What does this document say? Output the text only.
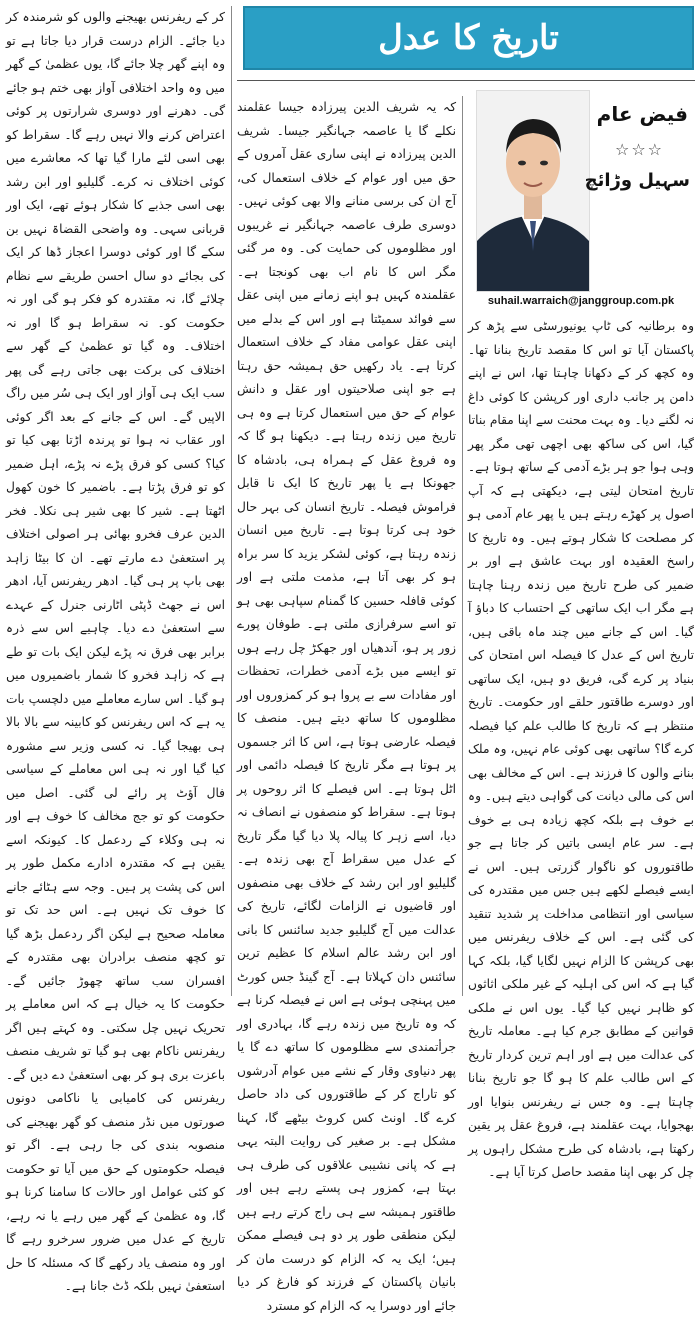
تاریخ کا عدل
فیض عام
☆☆☆
سہیل وڑائچ
suhail.warraich@janggroup.com.pk

وہ برطانیہ کی ٹاپ یونیورسٹی سے پڑھ کر پاکستان آیا تو اس کا مقصد تاریخ بنانا تھا۔ وہ کچھ کر کے دکھانا چاہتا تھا، اس نے اپنے دامن پر جانب داری اور کرپشن کا کوئی داغ نہ لگنے دیا۔ وہ بہت محنت سے اپنا مقام بناتا گیا، اس کی ساکھ بھی اچھی تھی مگر پھر وہی ہوا جو ہر بڑے آدمی کے ساتھ ہوتا ہے۔ تاریخ امتحان لیتی ہے، دیکھتی ہے کہ آپ اصول پر کھڑے رہتے ہیں یا پھر عام آدمی ہو کر مصلحت کا شکار ہوتے ہیں۔ وہ تاریخ کا راسخ العقیدہ اور بہت عاشق ہے اور بر ضمیر کی طرح تاریخ میں زندہ رہنا چاہتا ہے مگر اب ایک ساتھی کے احتساب کا دباؤ آ گیا۔ اس کے جانے میں چند ماہ باقی ہیں، تاریخ اس کے عدل کا فیصلہ اس امتحان کی بنیاد پر کرے گی، فریق دو ہیں، ایک ساتھی اور دوسرے طاقتور حلقے اور حکومت۔ تاریخ منتظر ہے کہ تاریخ کا طالب علم کیا فیصلہ کرے گا؟ ساتھی بھی کوئی عام نہیں، وہ ملک بنانے والوں کا فرزند ہے۔ اس کے مخالف بھی اس کی مالی دیانت کی گواہی دیتے ہیں۔ وہ بے خوف ہے بلکہ کچھ زیادہ ہی بے خوف ہے۔ سر عام ایسی باتیں کر جاتا ہے جو طاقتوروں کو ناگوار گزرتی ہیں۔ اس نے ایسے فیصلے لکھے ہیں جس میں مقتدرہ کی سیاسی اور انتظامی مداخلت پر شدید تنقید کی گئی ہے۔ اس کے خلاف ریفرنس میں بھی کرپشن کا الزام نہیں لگایا گیا، بلکہ کہا گیا ہے کہ اس کی اہلیہ کے غیر ملکی اثاثوں کو ظاہر نہیں کیا گیا۔ یوں اس نے ملکی قوانین کے مطابق جرم کیا ہے۔ معاملہ تاریخ کی عدالت میں ہے اور اہم ترین کردار تاریخ کے اس طالب علم کا ہو گا جو تاریخ بنانا چاہتا ہے۔ وہ جس نے ریفرنس بنوایا اور بھجوایا، بہت عقلمند ہے، فروغ عقل پر یقین رکھتا ہے، بادشاہ کی طرح مشکل راہوں پر چل کر بھی اپنا مقصد حاصل کرتا آیا ہے۔

کہ یہ شریف الدین پیرزادہ جیسا عقلمند نکلے گا یا عاصمہ جہانگیر جیسا۔ شریف الدین پیرزادہ نے اپنی ساری عقل آمروں کے حق میں اور عوام کے خلاف استعمال کی، آج ان کی برسی منانے والا بھی کوئی نہیں۔ دوسری طرف عاصمہ جہانگیر نے غریبوں اور مظلوموں کی حمایت کی۔ وہ مر گئی مگر اس کا نام اب بھی کونجتا ہے۔ عقلمندہ کہیں ہو اپنے زمانے میں اپنی عقل سے فوائد سمیٹتا ہے اور اس کے بدلے میں اپنی عقل عوامی مفاد کے خلاف استعمال کرتا ہے۔ یاد رکھیں حق ہمیشہ حق رہتا ہے جو اپنی صلاحیتوں اور عقل و دانش عوام کے حق میں استعمال کرتا ہے وہ ہی تاریخ میں زندہ رہتا ہے۔ دیکھنا ہو گا کہ وہ فروغ عقل کے ہمراہ ہی، بادشاہ کا جھونکا ہے یا پھر تاریخ کا ایک نا قابل فراموش فیصلہ۔ تاریخ انسان کی بہر حال خود ہی کرتا ہوتا ہے۔ تاریخ میں انسان زندہ رہتا ہے، کوئی لشکر یزید کا سر براہ ہو کر بھی آتا ہے، مذمت ملتی ہے اور کوئی قافلہ حسین کا گمنام سپاہی بھی ہو تو اسے سرفرازی ملتی ہے۔ طوفان پورے زور پر ہو، آندھیاں اور جھکڑ چل رہے ہوں تو ایسے میں بڑے آدمی خطرات، تحفظات اور مفادات سے بے پروا ہو کر کمزوروں اور مظلوموں کا ساتھ دیتے ہیں۔ منصف کا فیصلہ عارضی ہوتا ہے، اس کا اثر جسموں پر ہوتا ہے مگر تاریخ کا فیصلہ دائمی اور اٹل ہوتا ہے۔ اس فیصلے کا اثر روحوں پر ہوتا ہے۔ سقراط کو منصفوں نے انصاف نہ دیا، اسے زہر کا پیالہ پلا دیا گیا مگر تاریخ کے عدل میں سقراط آج بھی زندہ ہے۔ گلیلیو اور ابن رشد کے خلاف بھی منصفوں اور قاضیوں نے الزامات لگائے، تاریخ کی عدالت میں آج گلیلیو جدید سائنس کا بانی اور ابن رشد عالم اسلام کا عظیم ترین سائنس دان کہلاتا ہے۔ آج گینڈ جس کورٹ میں پہنچی ہوئی ہے اس نے فیصلہ کرنا ہے کہ وہ تاریخ میں زندہ رہے گا، بہادری اور جرأتمندی سے مظلوموں کا ساتھ دے گا یا پھر دنیاوی وقار کے نشے میں عوام آدرشوں کو تاراج کر کے طاقتوروں کی داد حاصل کرے گا۔ اونٹ کس کروٹ بیٹھے گا، کہنا مشکل ہے۔ بر صغیر کی روایت البتہ یہی ہے کہ پانی نشیبی علاقوں کی طرف ہی بہتا ہے، کمزور ہی پستے رہے ہیں اور طاقتور ہمیشہ سے ہی راج کرتے رہے ہیں لیکن منطقی طور پر دو ہی فیصلے ممکن ہیں؛ ایک یہ کہ الزام کو درست مان کر بانیان پاکستان کے فرزند کو فارغ کر دیا جائے اور دوسرا یہ کہ الزام کو مسترد

کر کے ریفرنس بھیجنے والوں کو شرمندہ کر دیا جائے۔ الزام درست قرار دیا جاتا ہے تو وہ اپنے گھر چلا جائے گا، یوں عظمیٰ کے گھر میں وہ واحد اختلافی آواز بھی ختم ہو جائے گی۔ دھرنے اور دوسری شرارتوں پر کوئی اعتراض کرنے والا نہیں رہے گا۔ سقراط کو بھی اسی لئے مارا گیا تھا کہ معاشرے میں کوئی اختلاف نہ کرے۔ گلیلیو اور ابن رشد بھی اسی جذبے کا شکار ہوئے تھے، ایک اور قربانی سہی۔ وہ واضحی القضاۃ نہیں بن سکے گا اور کوئی دوسرا اعجاز ڈھا کر ایک کی بجائے دو سال احسن طریقے سے نظام چلائے گا، نہ مقتدرہ کو فکر ہو گی اور نہ حکومت کو۔ نہ سقراط ہو گا اور نہ اختلاف۔ وہ گیا تو عظمیٰ کے گھر سے اختلاف کی برکت بھی جاتی رہے گی پھر سب ایک ہی آواز اور ایک ہی سُر میں راگ الاپیں گے۔ اس کے جانے کے بعد اگر کوئی اور عقاب نہ ہوا تو پرندہ اڑتا بھی کیا تو کیا؟ کسی کو فرق پڑے نہ پڑے، اہل ضمیر کو تو فرق پڑتا ہے۔ باضمیر کا خون کھول اٹھتا ہے۔ شیر کا بھی شیر ہی نکلا۔ فخر الدین عرف فخرو بھائی ہر اصولی اختلاف پر استعفیٰ دے مارتے تھے۔ ان کا بیٹا زاہد بھی باپ پر ہی گیا۔ ادھر ریفرنس آیا، ادھر اس نے جھٹ ڈپٹی اٹارنی جنرل کے عہدے سے استعفیٰ دے دیا۔ چاہیے اس سے ذرہ برابر بھی فرق نہ پڑے لیکن ایک بات تو طے ہے کہ زاہد فخرو کا شمار باضمیروں میں ہو گیا۔ اس سارے معاملے میں دلچسپ بات یہ ہے کہ اس ریفرنس کو کابینہ سے بالا بالا ہی بھیجا گیا۔ نہ کسی وزیر سے مشورہ کیا گیا اور نہ ہی اس معاملے کے سیاسی فال آؤٹ پر رائے لی گئی۔ اصل میں حکومت کو تو جج مخالف کا خوف ہے اور نہ ہی وکلاء کے ردعمل کا۔ کیونکہ اسے یقین ہے کہ مقتدرہ ادارے مکمل طور پر اس کی پشت پر ہیں۔ وجہ سے ہٹائے جانے کا خوف تک نہیں ہے۔ اس حد تک تو معاملہ صحیح ہے لیکن اگر ردعمل بڑھ گیا تو کچھ منصف برادران بھی مقتدرہ کے افسران سب ساتھ چھوڑ جائیں گے۔ حکومت کا یہ خیال ہے کہ اس معاملے پر تحریک نہیں چل سکتی۔ وہ کہتے ہیں اگر ریفرنس ناکام بھی ہو گیا تو شریف منصف باعزت بری ہو کر بھی استعفیٰ دے دیں گے۔ ریفرنس کی کامیابی یا ناکامی دونوں صورتوں میں نڈر منصف کو گھر بھیجنے کی منصوبہ بندی کی جا رہی ہے۔ اگر تو فیصلہ حکومتوں کے حق میں آیا تو حکومت کو کئی عوامل اور حالات کا سامنا کرنا ہو گا، وہ عظمیٰ کے گھر میں رہے یا نہ رہے، تاریخ کے عدل میں ضرور سرخرو رہے گا اور وہ منصف یاد رکھے گا کہ مسئلہ کا حل استعفیٰ نہیں بلکہ ڈٹ جانا ہے۔
